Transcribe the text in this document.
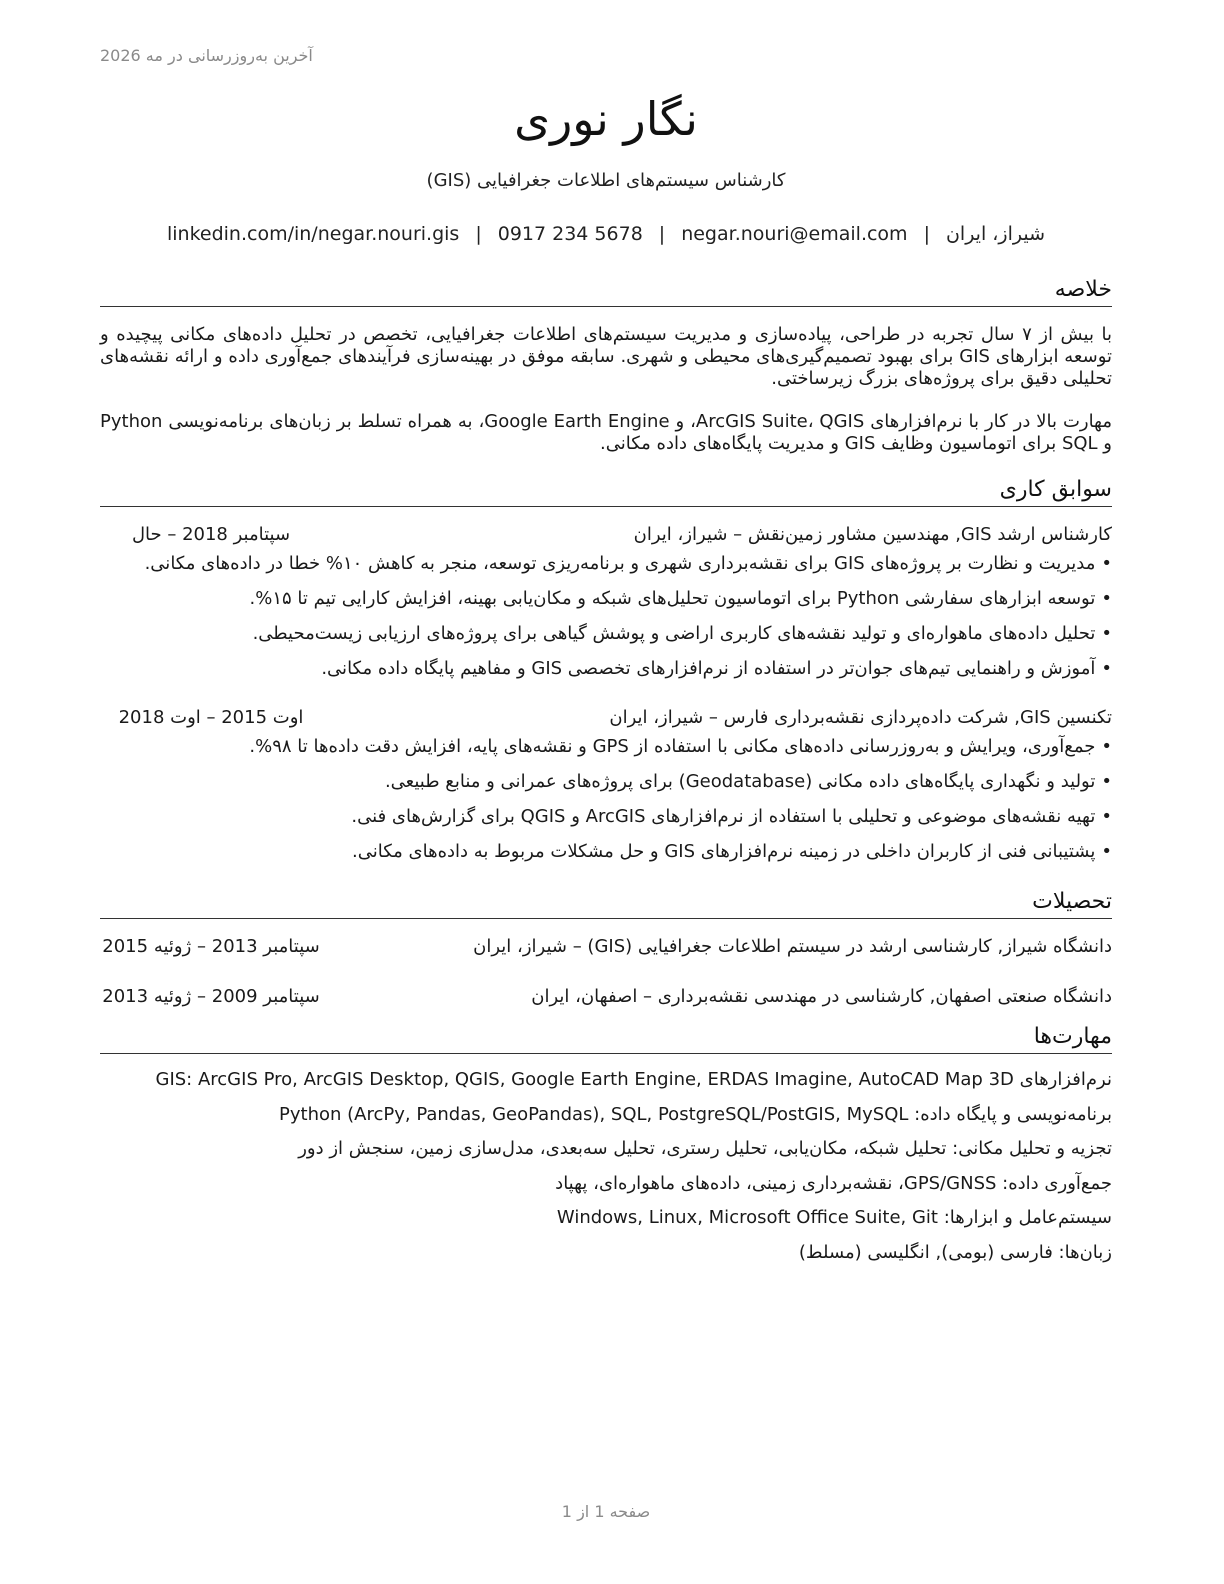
آخرین به‌روزرسانی در مه 2026
نگار نوری
کارشناس سیستم‌های اطلاعات جغرافیایی (GIS)
شیراز، ایران|negar.nouri@email.com|0917 234 5678|linkedin.com/in/negar.nouri.gis
خلاصه

با بیش از ۷ سال تجربه در طراحی، پیاده‌سازی و مدیریت سیستم‌های اطلاعات جغرافیایی، تخصص در تحلیل داده‌های مکانی پیچیده و توسعه ابزارهای GIS برای بهبود تصمیم‌گیری‌های محیطی و شهری. سابقه موفق در بهینه‌سازی فرآیندهای جمع‌آوری داده و ارائه نقشه‌های تحلیلی دقیق برای پروژه‌های بزرگ زیرساختی.

مهارت بالا در کار با نرم‌افزارهای ArcGIS Suite، QGIS، و Google Earth Engine، به همراه تسلط بر زبان‌های برنامه‌نویسی Python و SQL برای اتوماسیون وظایف GIS و مدیریت پایگاه‌های داده مکانی.

سوابق کاری
کارشناس ارشد GIS, مهندسین مشاور زمین‌نقش – شیراز، ایران
سپتامبر 2018 – حال
•مدیریت و نظارت بر پروژه‌های GIS برای نقشه‌برداری شهری و برنامه‌ریزی توسعه، منجر به کاهش ۱۰% خطا در داده‌های مکانی.
•توسعه ابزارهای سفارشی Python برای اتوماسیون تحلیل‌های شبکه و مکان‌یابی بهینه، افزایش کارایی تیم تا ۱۵%.
•تحلیل داده‌های ماهواره‌ای و تولید نقشه‌های کاربری اراضی و پوشش گیاهی برای پروژه‌های ارزیابی زیست‌محیطی.
•آموزش و راهنمایی تیم‌های جوان‌تر در استفاده از نرم‌افزارهای تخصصی GIS و مفاهیم پایگاه داده مکانی.
تکنسین GIS, شرکت داده‌پردازی نقشه‌برداری فارس – شیراز، ایران
اوت 2015 – اوت 2018
•جمع‌آوری، ویرایش و به‌روزرسانی داده‌های مکانی با استفاده از GPS و نقشه‌های پایه، افزایش دقت داده‌ها تا ۹۸%.
•تولید و نگهداری پایگاه‌های داده مکانی (Geodatabase) برای پروژه‌های عمرانی و منابع طبیعی.
•تهیه نقشه‌های موضوعی و تحلیلی با استفاده از نرم‌افزارهای ArcGIS و QGIS برای گزارش‌های فنی.
•پشتیبانی فنی از کاربران داخلی در زمینه نرم‌افزارهای GIS و حل مشکلات مربوط به داده‌های مکانی.
تحصیلات
دانشگاه شیراز, کارشناسی ارشد در سیستم اطلاعات جغرافیایی (GIS) – شیراز، ایران
سپتامبر 2013 – ژوئیه 2015
دانشگاه صنعتی اصفهان, کارشناسی در مهندسی نقشه‌برداری – اصفهان، ایران
سپتامبر 2009 – ژوئیه 2013
مهارت‌ها
نرم‌افزارهای GIS: ArcGIS Pro, ArcGIS Desktop, QGIS, Google Earth Engine, ERDAS Imagine, AutoCAD Map 3D
برنامه‌نویسی و پایگاه داده: Python (ArcPy, Pandas, GeoPandas), SQL, PostgreSQL/PostGIS, MySQL
تجزیه و تحلیل مکانی: تحلیل شبکه، مکان‌یابی، تحلیل رستری، تحلیل سه‌بعدی، مدل‌سازی زمین، سنجش از دور
جمع‌آوری داده: GPS/GNSS، نقشه‌برداری زمینی، داده‌های ماهواره‌ای، پهپاد
سیستم‌عامل و ابزارها: Windows, Linux, Microsoft Office Suite, Git
زبان‌ها: فارسی (بومی), انگلیسی (مسلط)
صفحه 1 از 1
